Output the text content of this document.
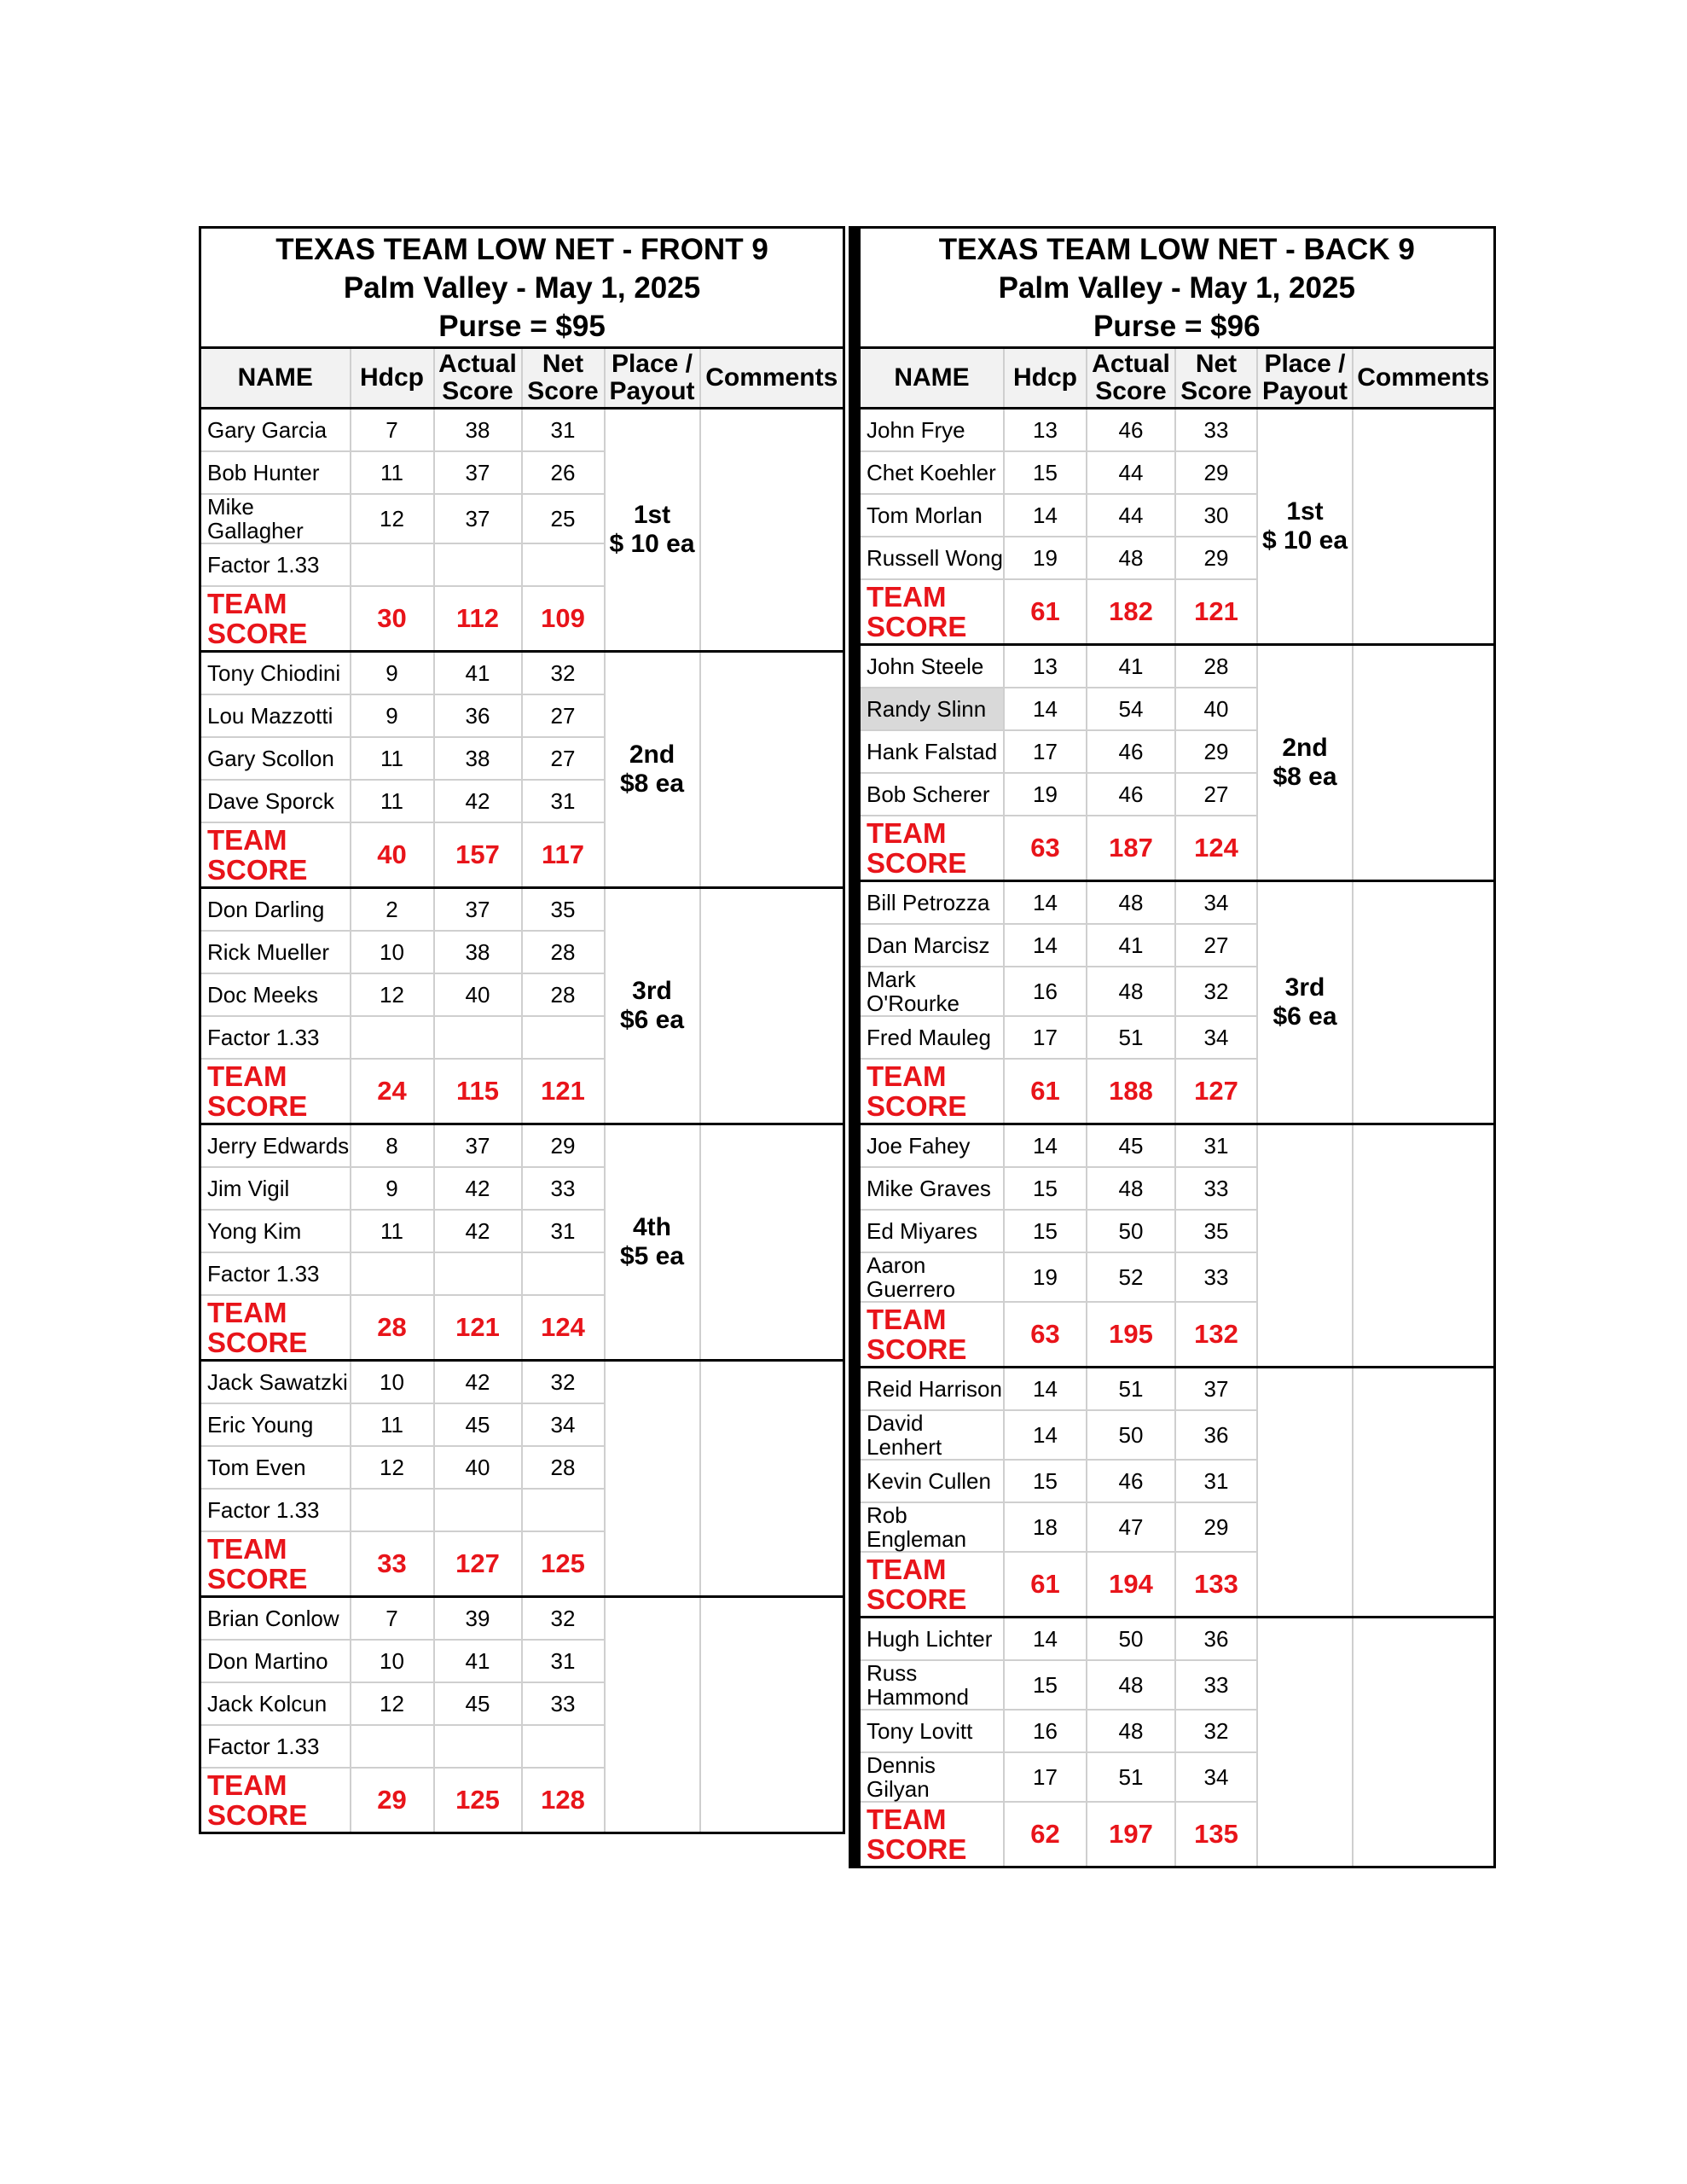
TEXAS TEAM LOW NET - FRONT 9
Palm Valley - May 1, 2025
Purse = $95					

NAME	Hdcp	Actual Score	Net Score	Place / Payout	Comments
Gary Garcia	7	38	31	1st
$ 10 ea	

Bob Hunter	11	37	26		
Mike Gallagher	12	37	25		
Factor 1.33					
TEAM SCORE	30	112	109		
Tony Chiodini	9	41	32	2nd
$8 ea	

Lou Mazzotti	9	36	27		
Gary Scollon	11	38	27		
Dave Sporck	11	42	31		
TEAM SCORE	40	157	117		
Don Darling	2	37	35	3rd
$6 ea	

Rick Mueller	10	38	28		
Doc Meeks	12	40	28		
Factor 1.33					
TEAM SCORE	24	115	121		
Jerry Edwards	8	37	29	4th
$5 ea	

Jim Vigil	9	42	33		
Yong Kim	11	42	31		
Factor 1.33					
TEAM SCORE	28	121	124		
Jack Sawatzki	10	42	32	

Eric Young	11	45	34		
Tom Even	12	40	28		
Factor 1.33					
TEAM SCORE	33	127	125		
Brian Conlow	7	39	32	

Don Martino	10	41	31		
Jack Kolcun	12	45	33		
Factor 1.33					
TEAM SCORE	29	125	128		
TEXAS TEAM LOW NET - BACK 9
Palm Valley - May 1, 2025
Purse = $96					

NAME	Hdcp	Actual Score	Net Score	Place / Payout	Comments
John Frye	13	46	33	1st
$ 10 ea	

Chet Koehler	15	44	29		
Tom Morlan	14	44	30		
Russell Wong	19	48	29		
TEAM SCORE	61	182	121		
John Steele	13	41	28	2nd
$8 ea	

Randy Slinn	14	54	40		
Hank Falstad	17	46	29		
Bob Scherer	19	46	27		
TEAM SCORE	63	187	124		
Bill Petrozza	14	48	34	3rd
$6 ea	

Dan Marcisz	14	41	27		
Mark O'Rourke	16	48	32		
Fred Mauleg	17	51	34		
TEAM SCORE	61	188	127		
Joe Fahey	14	45	31	

Mike Graves	15	48	33		
Ed Miyares	15	50	35		
Aaron Guerrero	19	52	33		
TEAM SCORE	63	195	132		
Reid Harrison	14	51	37	

David Lenhert	14	50	36		
Kevin Cullen	15	46	31		
Rob Engleman	18	47	29		
TEAM SCORE	61	194	133		
Hugh Lichter	14	50	36	

Russ Hammond	15	48	33		
Tony Lovitt	16	48	32		
Dennis Gilyan	17	51	34		
TEAM SCORE	62	197	135		
